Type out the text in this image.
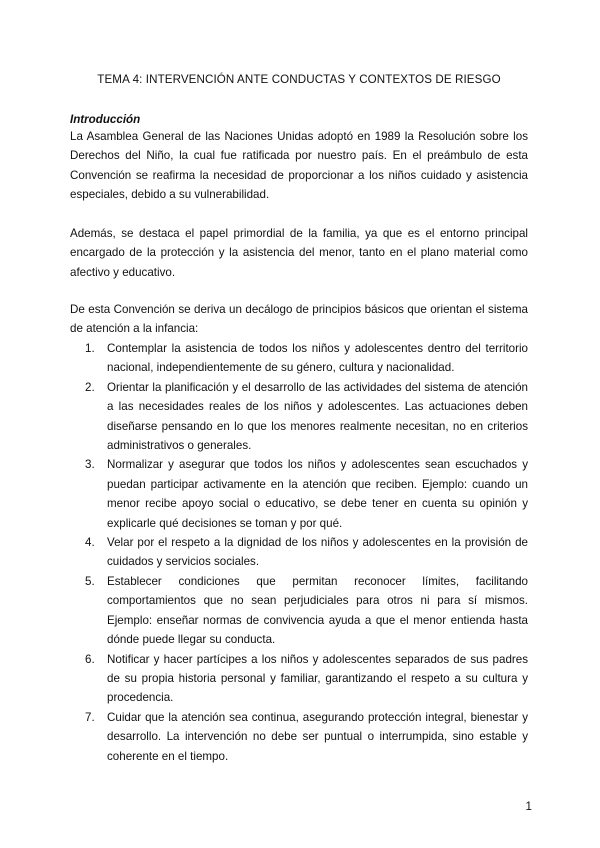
TEMA 4: INTERVENCIÓN ANTE CONDUCTAS Y CONTEXTOS DE RIESGO
Introducción

La Asamblea General de las Naciones Unidas adoptó en 1989 la Resolución sobre los Derechos del Niño, la cual fue ratificada por nuestro país. En el preámbulo de esta Convención se reafirma la necesidad de proporcionar a los niños cuidado y asistencia especiales, debido a su vulnerabilidad.

Además, se destaca el papel primordial de la familia, ya que es el entorno principal encargado de la protección y la asistencia del menor, tanto en el plano material como afectivo y educativo.

De esta Convención se deriva un decálogo de principios básicos que orientan el sistema de atención a la infancia:

1. Contemplar la asistencia de todos los niños y adolescentes dentro del territorio nacional, independientemente de su género, cultura y nacionalidad.
2. Orientar la planificación y el desarrollo de las actividades del sistema de atención a las necesidades reales de los niños y adolescentes. Las actuaciones deben diseñarse pensando en lo que los menores realmente necesitan, no en criterios administrativos o generales.
3. Normalizar y asegurar que todos los niños y adolescentes sean escuchados y puedan participar activamente en la atención que reciben. Ejemplo: cuando un menor recibe apoyo social o educativo, se debe tener en cuenta su opinión y explicarle qué decisiones se toman y por qué.
4. Velar por el respeto a la dignidad de los niños y adolescentes en la provisión de cuidados y servicios sociales.
5. Establecer condiciones que permitan reconocer límites, facilitando comportamientos que no sean perjudiciales para otros ni para sí mismos. Ejemplo: enseñar normas de convivencia ayuda a que el menor entienda hasta dónde puede llegar su conducta.
6. Notificar y hacer partícipes a los niños y adolescentes separados de sus padres de su propia historia personal y familiar, garantizando el respeto a su cultura y procedencia.
7. Cuidar que la atención sea continua, asegurando protección integral, bienestar y desarrollo. La intervención no debe ser puntual o interrumpida, sino estable y coherente en el tiempo.
1
